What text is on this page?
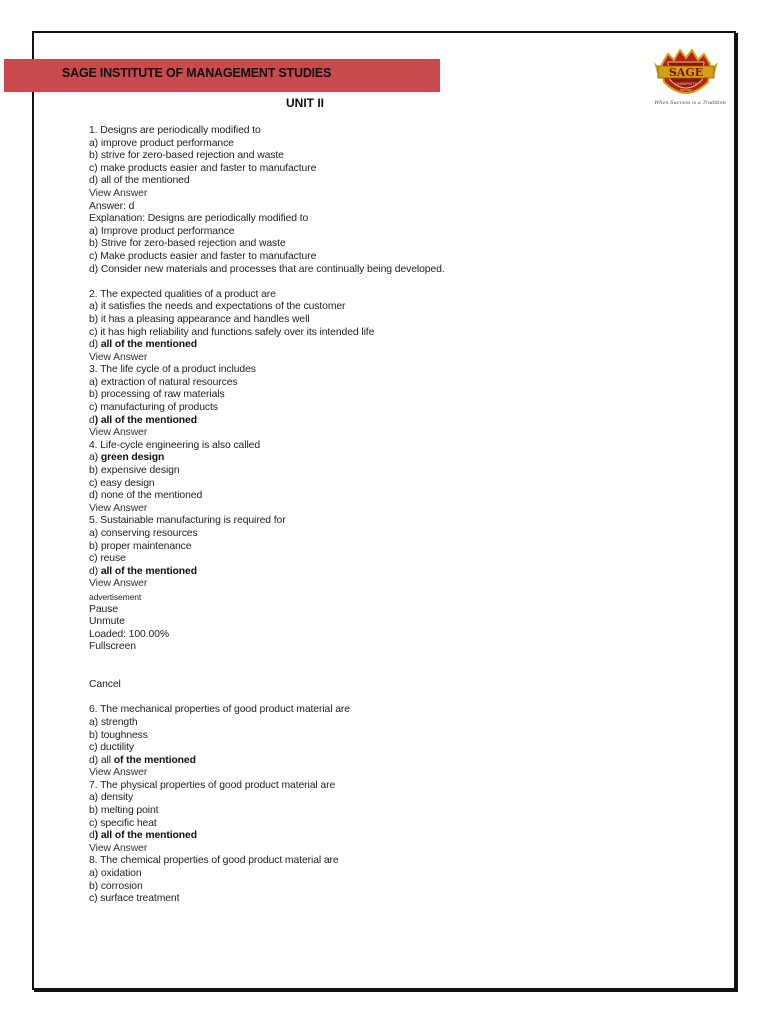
SAGE INSTITUTE OF MANAGEMENT STUDIES
UNIT II
SAGE
UNIVERSITY
INDORE
When Success is a Tradition
1. Designs are periodically modified to
a) improve product performance
b) strive for zero-based rejection and waste
c) make products easier and faster to manufacture
d) all of the mentioned
View Answer
Answer: d
Explanation: Designs are periodically modified to
a) Improve product performance
b) Strive for zero-based rejection and waste
c) Make products easier and faster to manufacture
d) Consider new materials and processes that are continually being developed.
2. The expected qualities of a product are
a) it satisfies the needs and expectations of the customer
b) it has a pleasing appearance and handles well
c) it has high reliability and functions safely over its intended life
d) all of the mentioned
View Answer
3. The life cycle of a product includes
a) extraction of natural resources
b) processing of raw materials
c) manufacturing of products
d) all of the mentioned
View Answer
4. Life-cycle engineering is also called
a) green design
b) expensive design
c) easy design
d) none of the mentioned
View Answer
5. Sustainable manufacturing is required for
a) conserving resources
b) proper maintenance
c) reuse
d) all of the mentioned
View Answer
advertisement
Pause
Unmute
Loaded: 100.00%
Fullscreen
Cancel
6. The mechanical properties of good product material are
a) strength
b) toughness
c) ductility
d) all of the mentioned
View Answer
7. The physical properties of good product material are
a) density
b) melting point
c) specific heat
d) all of the mentioned
View Answer
8. The chemical properties of good product material are
a) oxidation
b) corrosion
c) surface treatment
